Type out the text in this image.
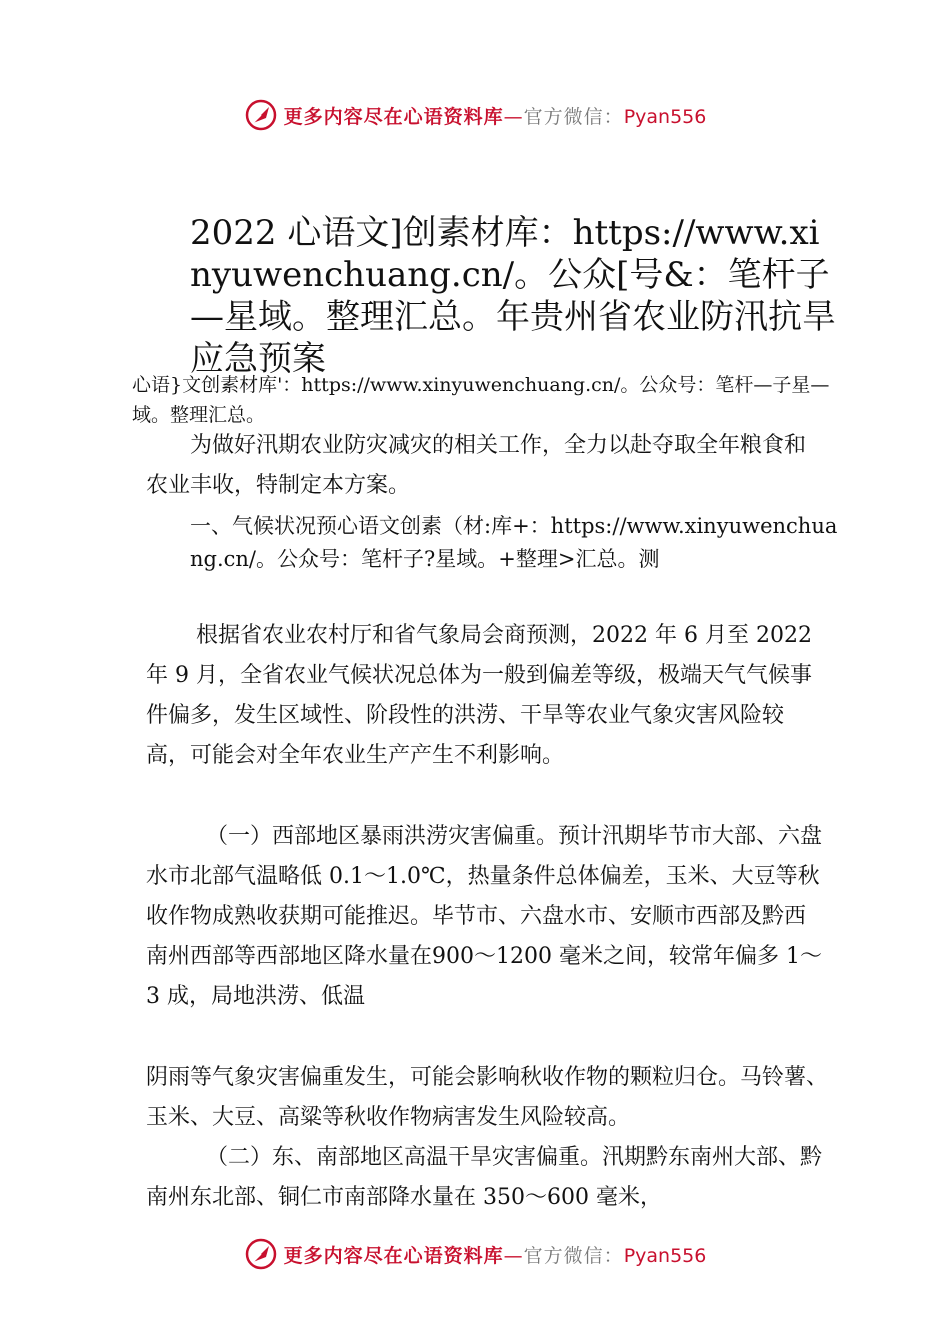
更多内容尽在心语资料库—官方微信：Pyan556
2022 心语文]创素材库：https://www.xinyuwenchuang.cn/。公众[号&：笔杆子—星域。整理汇总。年贵州省农业防汛抗旱应急预案

心语}文创素材库'：https://www.xinyuwenchuang.cn/。公众号：笔杆—子星—域。整理汇总。

为做好汛期农业防灾减灾的相关工作，全力以赴夺取全年粮食和农业丰收，特制定本方案。

一、气候状况预心语文创素（材:库+：https://www.xinyuwenchuang.cn/。公众号：笔杆子?星域。+整理>汇总。测

根据省农业农村厅和省气象局会商预测，2022 年 6 月至 2022 年 9 月，全省农业气候状况总体为一般到偏差等级，极端天气气候事件偏多，发生区域性、阶段性的洪涝、干旱等农业气象灾害风险较高，可能会对全年农业生产产生不利影响。

（一）西部地区暴雨洪涝灾害偏重。预计汛期毕节市大部、六盘水市北部气温略低 0.1～1.0℃，热量条件总体偏差，玉米、大豆等秋收作物成熟收获期可能推迟。毕节市、六盘水市、安顺市西部及黔西南州西部等西部地区降水量在900～1200 毫米之间，较常年偏多 1～3 成，局地洪涝、低温

阴雨等气象灾害偏重发生，可能会影响秋收作物的颗粒归仓。马铃薯、玉米、大豆、高粱等秋收作物病害发生风险较高。

（二）东、南部地区高温干旱灾害偏重。汛期黔东南州大部、黔南州东北部、铜仁市南部降水量在 350～600 毫米，

更多内容尽在心语资料库—官方微信：Pyan556
